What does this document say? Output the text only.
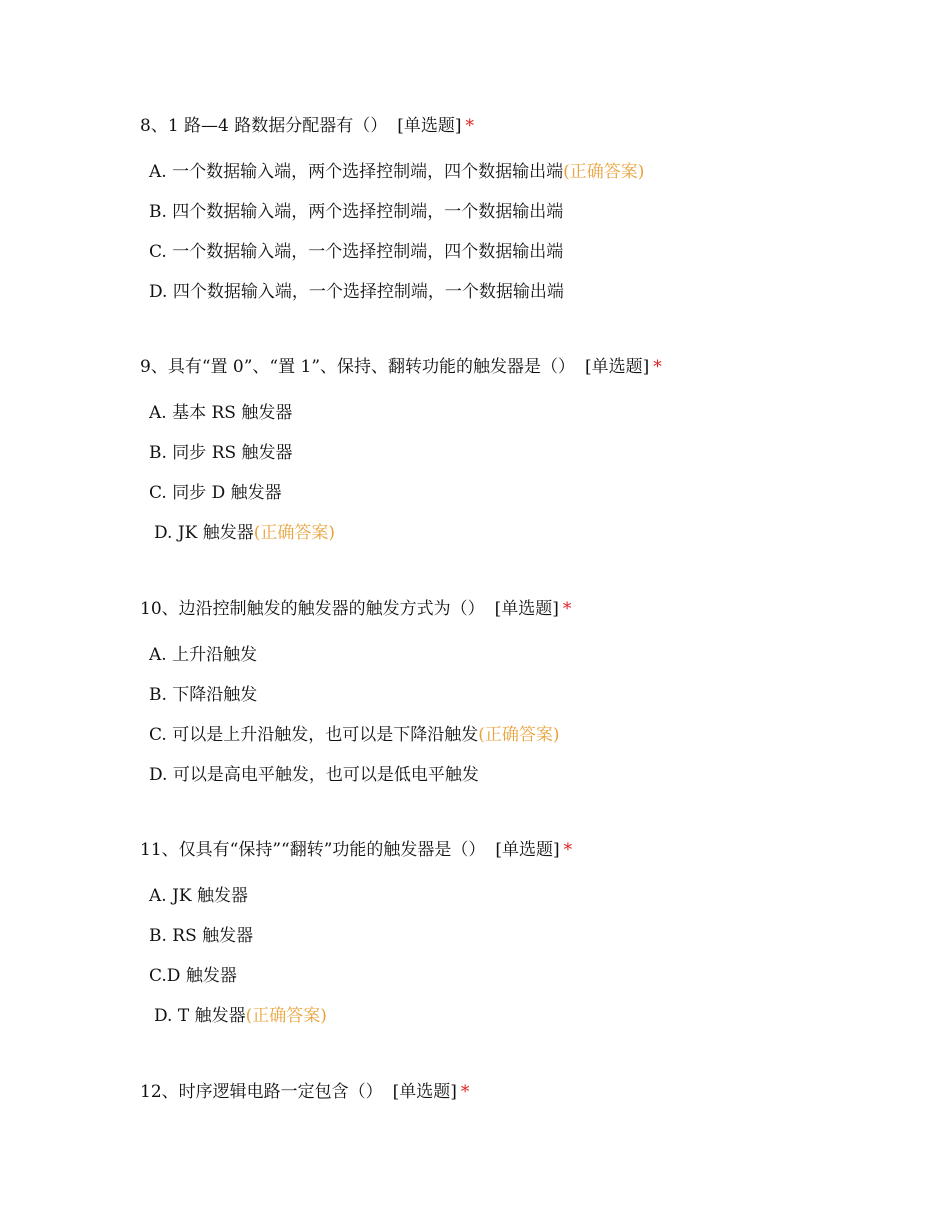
8、1 路—4 路数据分配器有（） [单选题] *
A. 一个数据输入端，两个选择控制端，四个数据输出端(正确答案)
B. 四个数据输入端，两个选择控制端，一个数据输出端
C. 一个数据输入端，一个选择控制端，四个数据输出端
D. 四个数据输入端，一个选择控制端，一个数据输出端
9、具有“置 0”、“置 1”、保持、翻转功能的触发器是（） [单选题] *
A. 基本 RS 触发器
B. 同步 RS 触发器
C. 同步 D 触发器
D. JK 触发器(正确答案)
10、边沿控制触发的触发器的触发方式为（） [单选题] *
A. 上升沿触发
B. 下降沿触发
C. 可以是上升沿触发，也可以是下降沿触发(正确答案)
D. 可以是高电平触发，也可以是低电平触发
11、仅具有“保持”“翻转”功能的触发器是（） [单选题] *
A. JK 触发器
B. RS 触发器
C.D 触发器
D. T 触发器(正确答案)
12、时序逻辑电路一定包含（） [单选题] *
